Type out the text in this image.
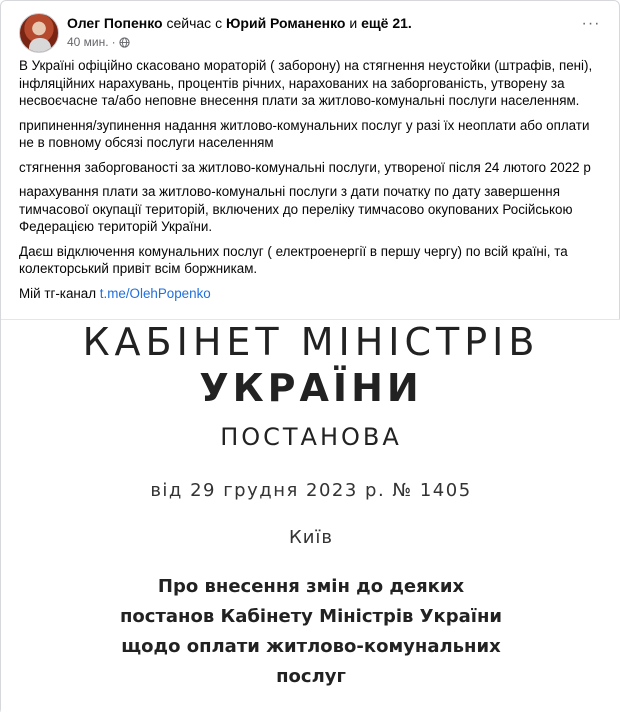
Олег Попенко сейчас с Юрий Романенко и ещё 21.
40 мин. ·
···

В Україні офіційно скасовано мораторій ( заборону) на стягнення неустойки (штрафів, пені), інфляційних нарахувань, процентів річних, нарахованих на заборгованість, утворену за несвоєчасне та/або неповне внесення плати за житлово-комунальні послуги населенням.

припинення/зупинення надання житлово-комунальних послуг у разі їх неоплати або оплати не в повному обсязі послуги населенням

стягнення заборгованості за житлово-комунальні послуги, утвореної після 24 лютого 2022 р

нарахування плати за житлово-комунальні послуги з дати початку по дату завершення тимчасової окупації територій, включених до переліку тимчасово окупованих Російською Федерацією територій України.

Даєш відключення комунальних послуг ( електроенергії в першу чергу) по всій країні, та колекторський привіт всім боржникам.

Мій тг-канал t.me/OlehPopenko

КАБІНЕТ МІНІСТРІВ
УКРАЇНИ
ПОСТАНОВА
від 29 грудня 2023 р. № 1405
Київ
Про внесення змін до деяких
постанов Кабінету Міністрів України
щодо оплати житлово-комунальних
послуг
